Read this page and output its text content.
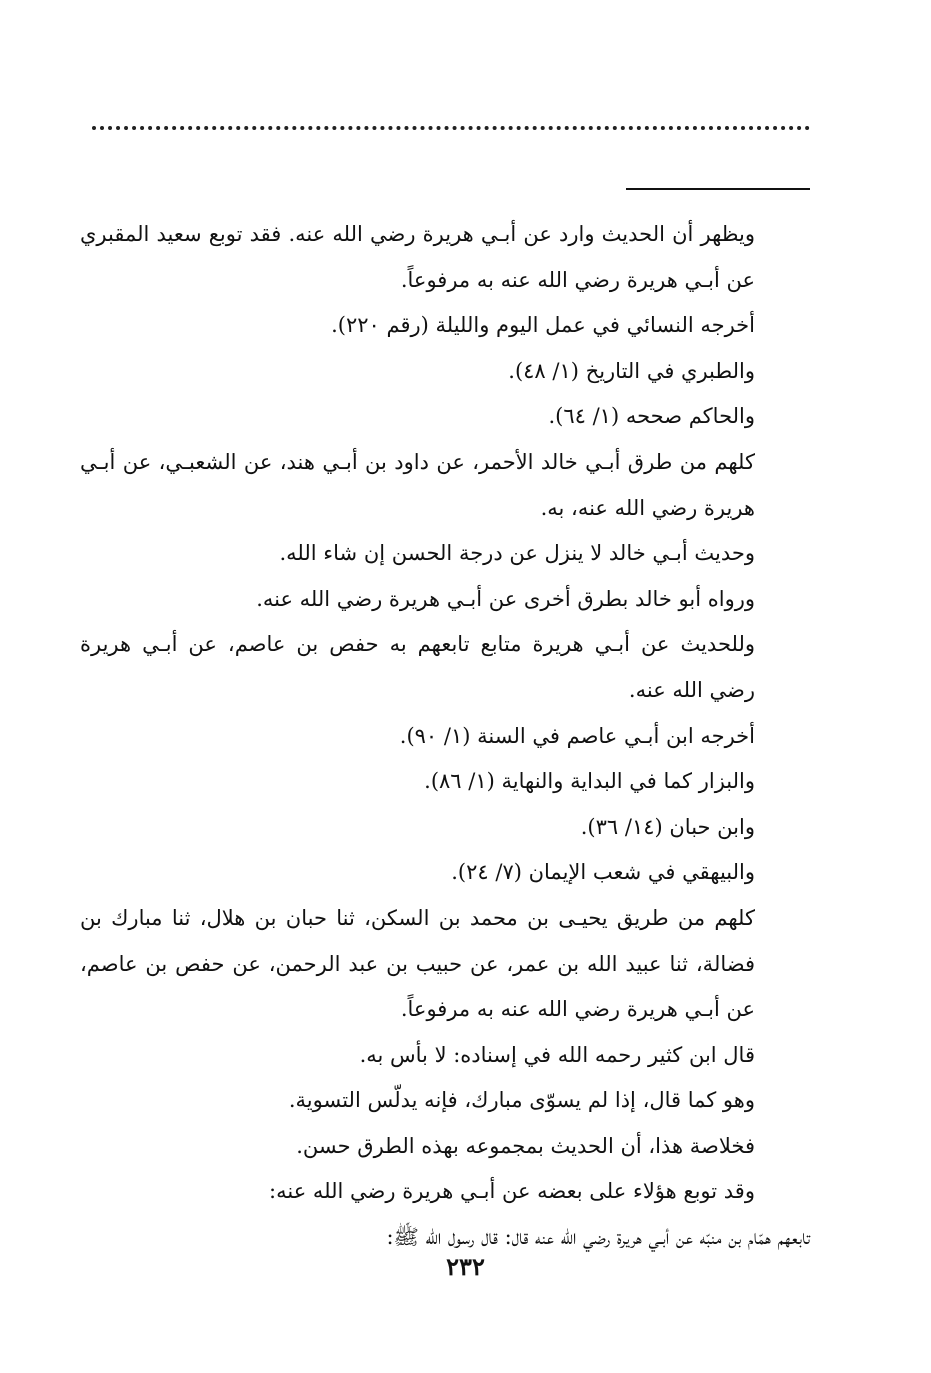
ويظهر أن الحديث وارد عن أبـي هريرة رضي الله عنه. فقد توبع سعيد المقبري عن أبـي هريرة رضي الله عنه به مرفوعاً.

أخرجه النسائي في عمل اليوم والليلة (رقم ٢٢٠).

والطبري في التاريخ (١/ ٤٨).

والحاكم صححه (١/ ٦٤).

كلهم من طرق أبـي خالد الأحمر، عن داود بن أبـي هند، عن الشعبـي، عن أبـي هريرة رضي الله عنه، به.

وحديث أبـي خالد لا ينزل عن درجة الحسن إن شاء الله.

ورواه أبو خالد بطرق أخرى عن أبـي هريرة رضي الله عنه.

وللحديث عن أبـي هريرة متابع تابعهم به حفص بن عاصم، عن أبـي هريرة رضي الله عنه.

أخرجه ابن أبـي عاصم في السنة (١/ ٩٠).

والبزار كما في البداية والنهاية (١/ ٨٦).

وابن حبان (١٤/ ٣٦).

والبيهقي في شعب الإيمان (٧/ ٢٤).

كلهم من طريق يحيـى بن محمد بن السكن، ثنا حبان بن هلال، ثنا مبارك بن فضالة، ثنا عبيد الله بن عمر، عن حبيب بن عبد الرحمن، عن حفص بن عاصم، عن أبـي هريرة رضي الله عنه به مرفوعاً.

قال ابن كثير رحمه الله في إسناده: لا بأس به.

وهو كما قال، إذا لم يسوّى مبارك، فإنه يدلّس التسوية.

فخلاصة هذا، أن الحديث بمجموعه بهذه الطرق حسن.

وقد توبع هؤلاء على بعضه عن أبـي هريرة رضي الله عنه:

تابعهم همّام بن منبّه عن أبـي هريرة رضي الله عنه قال: قال رسول الله ﷺ:

٢٣٢
